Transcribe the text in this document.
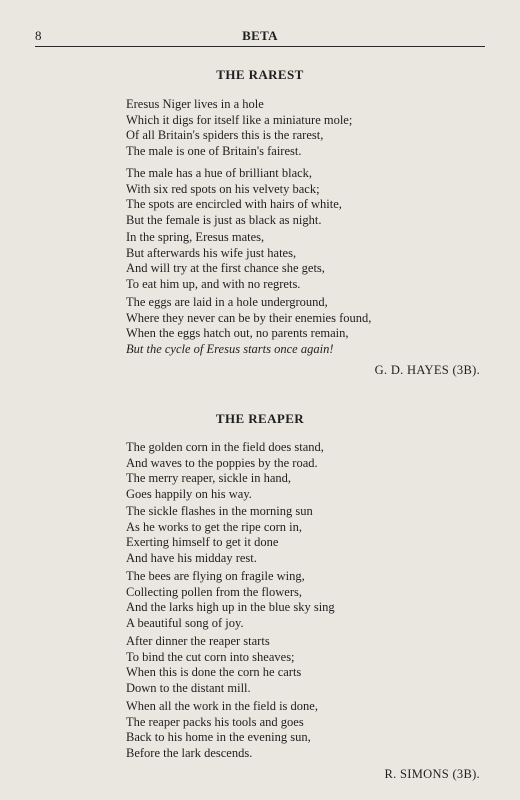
8	BETA
THE RAREST

Eresus Niger lives in a hole
Which it digs for itself like a miniature mole;
Of all Britain's spiders this is the rarest,
The male is one of Britain's fairest.

The male has a hue of brilliant black,
With six red spots on his velvety back;
The spots are encircled with hairs of white,
But the female is just as black as night.

In the spring, Eresus mates,
But afterwards his wife just hates,
And will try at the first chance she gets,
To eat him up, and with no regrets.

The eggs are laid in a hole underground,
Where they never can be by their enemies found,
When the eggs hatch out, no parents remain,
But the cycle of Eresus starts once again!

G. D. HAYES (3B).
THE REAPER

The golden corn in the field does stand,
And waves to the poppies by the road.
The merry reaper, sickle in hand,
Goes happily on his way.

The sickle flashes in the morning sun
As he works to get the ripe corn in,
Exerting himself to get it done
And have his midday rest.

The bees are flying on fragile wing,
Collecting pollen from the flowers,
And the larks high up in the blue sky sing
A beautiful song of joy.

After dinner the reaper starts
To bind the cut corn into sheaves;
When this is done the corn he carts
Down to the distant mill.

When all the work in the field is done,
The reaper packs his tools and goes
Back to his home in the evening sun,
Before the lark descends.

R. SIMONS (3B).
